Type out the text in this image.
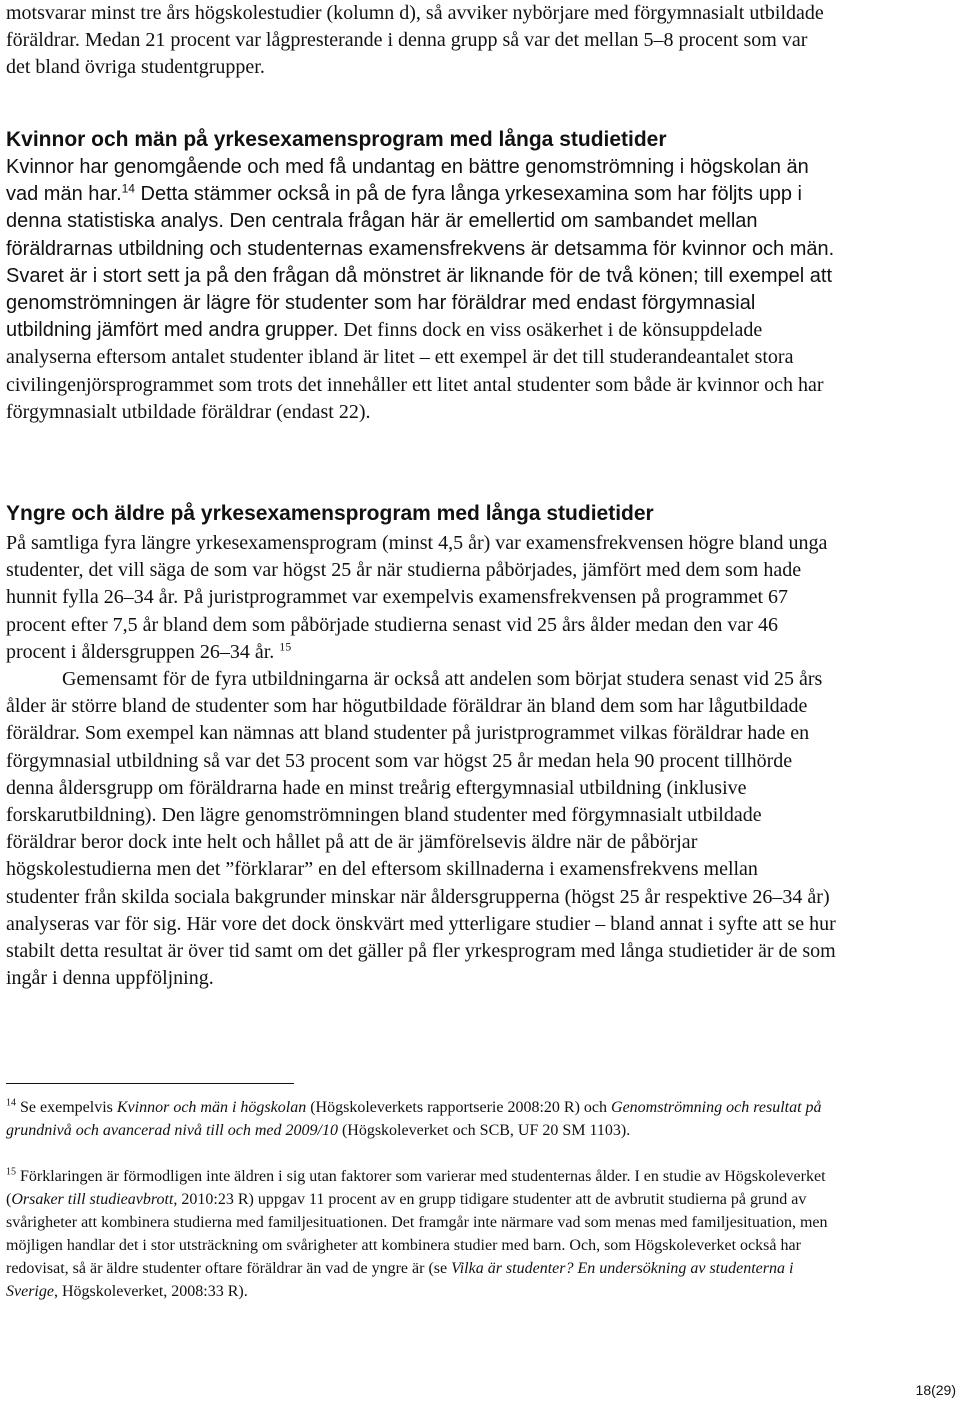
motsvarar minst tre års högskolestudier (kolumn d), så avviker nybörjare med förgymnasialt utbildade föräldrar. Medan 21 procent var lågpresterande i denna grupp så var det mellan 5–8 procent som var det bland övriga studentgrupper.

Kvinnor och män på yrkesexamensprogram med långa studietider

Kvinnor har genomgående och med få undantag en bättre genomströmning i högskolan än vad män har.$^{14}$ Detta stämmer också in på de fyra långa yrkesexamina som har följts upp i denna statistiska analys. Den centrala frågan här är emellertid om sambandet mellan föräldrarnas utbildning och studenternas examensfrekvens är detsamma för kvinnor och män. Svaret är i stort sett ja på den frågan då mönstret är liknande för de två könen; till exempel att genomströmningen är lägre för studenter som har föräldrar med endast förgymnasial utbildning jämfört med andra grupper. Det finns dock en viss osäkerhet i de könsuppdelade analyserna eftersom antalet studenter ibland är litet – ett exempel är det till studerandeantalet stora civilingenjörsprogrammet som trots det innehåller ett litet antal studenter som både är kvinnor och har förgymnasialt utbildade föräldrar (endast 22).

Yngre och äldre på yrkesexamensprogram med långa studietider

På samtliga fyra längre yrkesexamensprogram (minst 4,5 år) var examensfrekvensen högre bland unga studenter, det vill säga de som var högst 25 år när studierna påbörjades, jämfört med dem som hade hunnit fylla 26–34 år. På juristprogrammet var exempelvis examensfrekvensen på programmet 67 procent efter 7,5 år bland dem som påbörjade studierna senast vid 25 års ålder medan den var 46 procent i åldersgruppen 26–34 år. $^{15}$
Gemensamt för de fyra utbildningarna är också att andelen som börjat studera senast vid 25 års ålder är större bland de studenter som har högutbildade föräldrar än bland dem som har lågutbildade föräldrar. Som exempel kan nämnas att bland studenter på juristprogrammet vilkas föräldrar hade en förgymnasial utbildning så var det 53 procent som var högst 25 år medan hela 90 procent tillhörde denna åldersgrupp om föräldrarna hade en minst treårig eftergymnasial utbildning (inklusive forskarutbildning). Den lägre genomströmningen bland studenter med förgymnasialt utbildade föräldrar beror dock inte helt och hållet på att de är jämförelsevis äldre när de påbörjar högskolestudierna men det ”förklarar” en del eftersom skillnaderna i examensfrekvens mellan studenter från skilda sociala bakgrunder minskar när åldersgrupperna (högst 25 år respektive 26–34 år) analyseras var för sig. Här vore det dock önskvärt med ytterligare studier – bland annat i syfte att se hur stabilt detta resultat är över tid samt om det gäller på fler yrkesprogram med långa studietider är de som ingår i denna uppföljning.

$^{14}$ Se exempelvis Kvinnor och män i högskolan (Högskoleverkets rapportserie 2008:20 R) och Genomströmning och resultat på grundnivå och avancerad nivå till och med 2009/10 (Högskoleverket och SCB, UF 20 SM 1103).

$^{15}$ Förklaringen är förmodligen inte äldren i sig utan faktorer som varierar med studenternas ålder. I en studie av Högskoleverket (Orsaker till studieavbrott, 2010:23 R) uppgav 11 procent av en grupp tidigare studenter att de avbrutit studierna på grund av svårigheter att kombinera studierna med familjesituationen. Det framgår inte närmare vad som menas med familjesituation, men möjligen handlar det i stor utsträckning om svårigheter att kombinera studier med barn. Och, som Högskoleverket också har redovisat, så är äldre studenter oftare föräldrar än vad de yngre är (se Vilka är studenter? En undersökning av studenterna i Sverige, Högskoleverket, 2008:33 R).

18(29)
